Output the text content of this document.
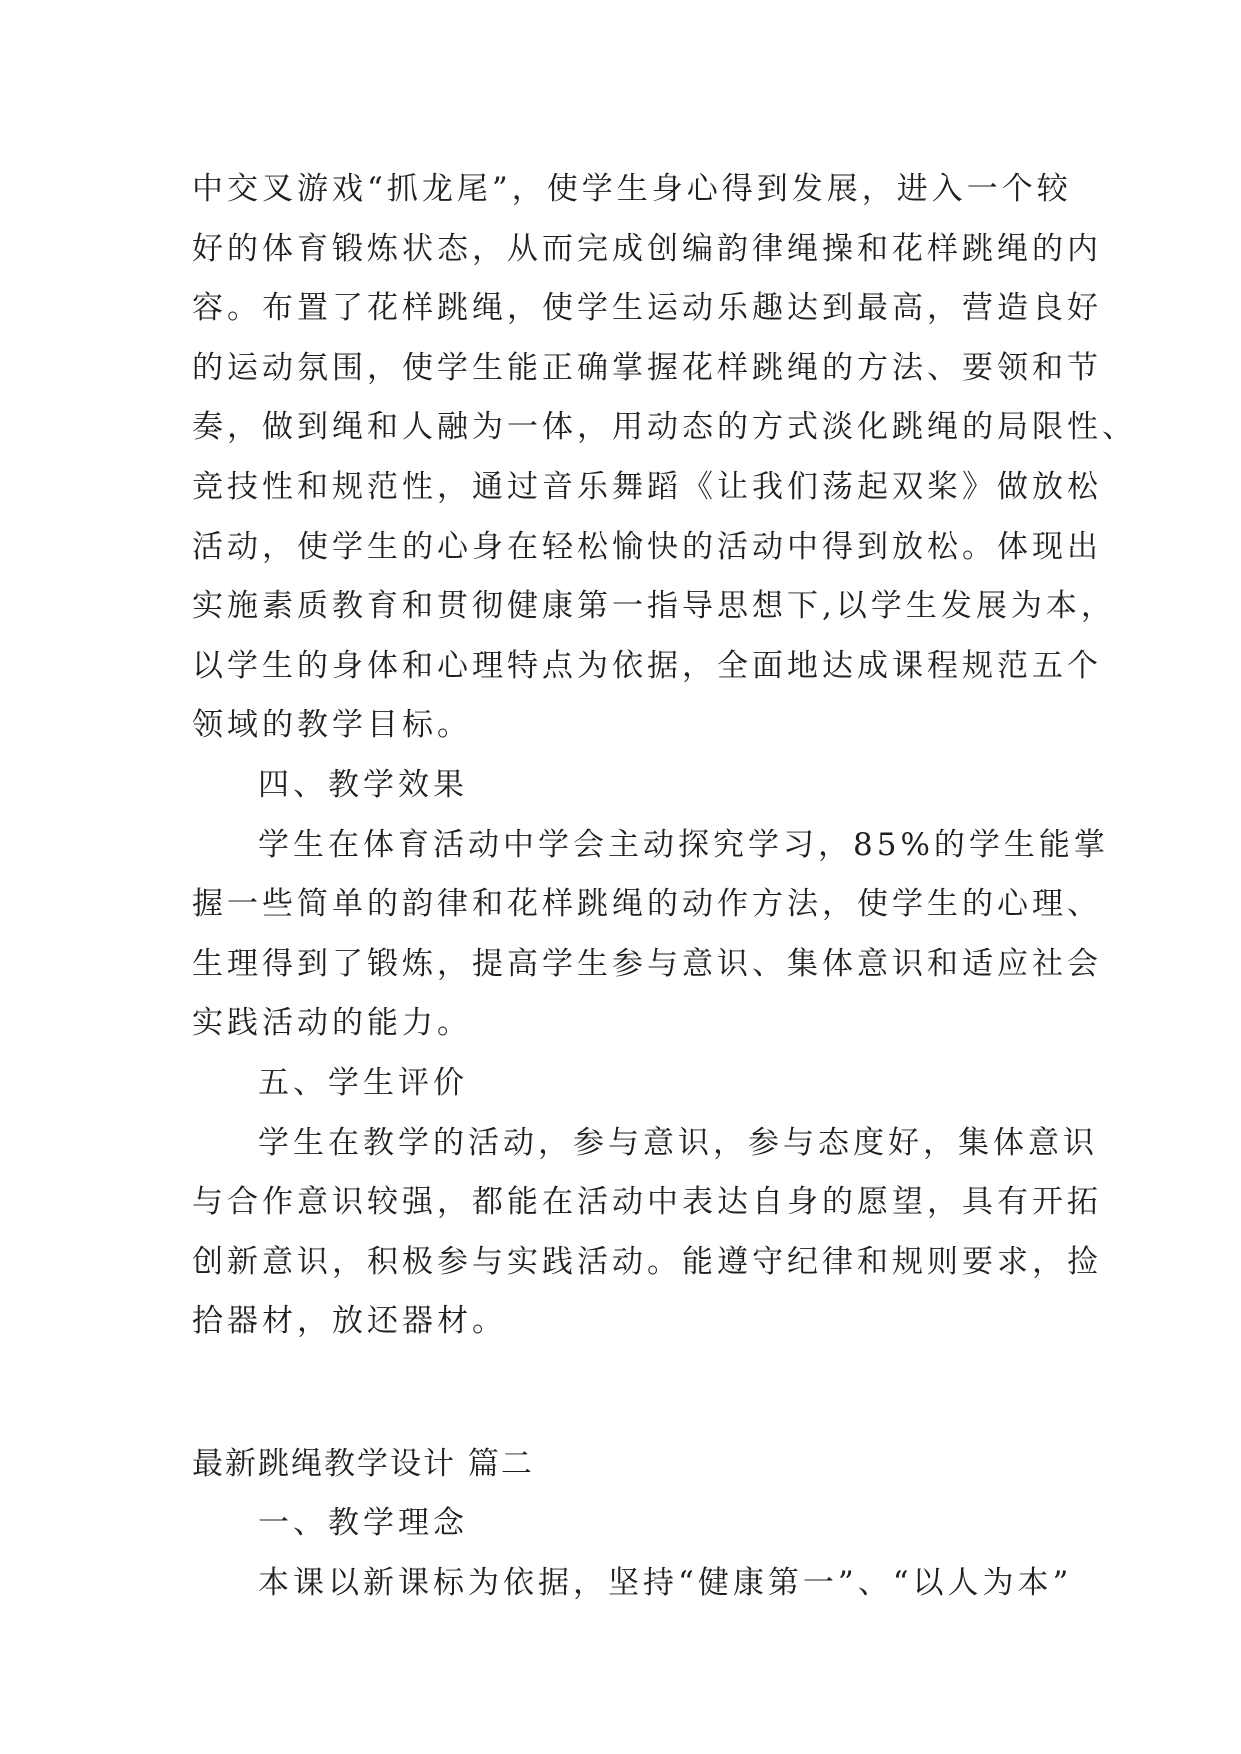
中交叉游戏“抓龙尾”，使学生身心得到发展，进入一个较
好的体育锻炼状态，从而完成创编韵律绳操和花样跳绳的内
容。布置了花样跳绳，使学生运动乐趣达到最高，营造良好
的运动氛围，使学生能正确掌握花样跳绳的方法、要领和节
奏，做到绳和人融为一体，用动态的方式淡化跳绳的局限性、
竞技性和规范性，通过音乐舞蹈《让我们荡起双桨》做放松
活动，使学生的心身在轻松愉快的活动中得到放松。体现出
实施素质教育和贯彻健康第一指导思想下,以学生发展为本，
以学生的身体和心理特点为依据，全面地达成课程规范五个
领域的教学目标。
四、教学效果
学生在体育活动中学会主动探究学习，85%的学生能掌
握一些简单的韵律和花样跳绳的动作方法，使学生的心理、
生理得到了锻炼，提高学生参与意识、集体意识和适应社会
实践活动的能力。
五、学生评价
学生在教学的活动，参与意识，参与态度好，集体意识
与合作意识较强，都能在活动中表达自身的愿望，具有开拓
创新意识，积极参与实践活动。能遵守纪律和规则要求，捡
拾器材，放还器材。
最新跳绳教学设计 篇二
一、教学理念
本课以新课标为依据，坚持“健康第一”、“以人为本”
